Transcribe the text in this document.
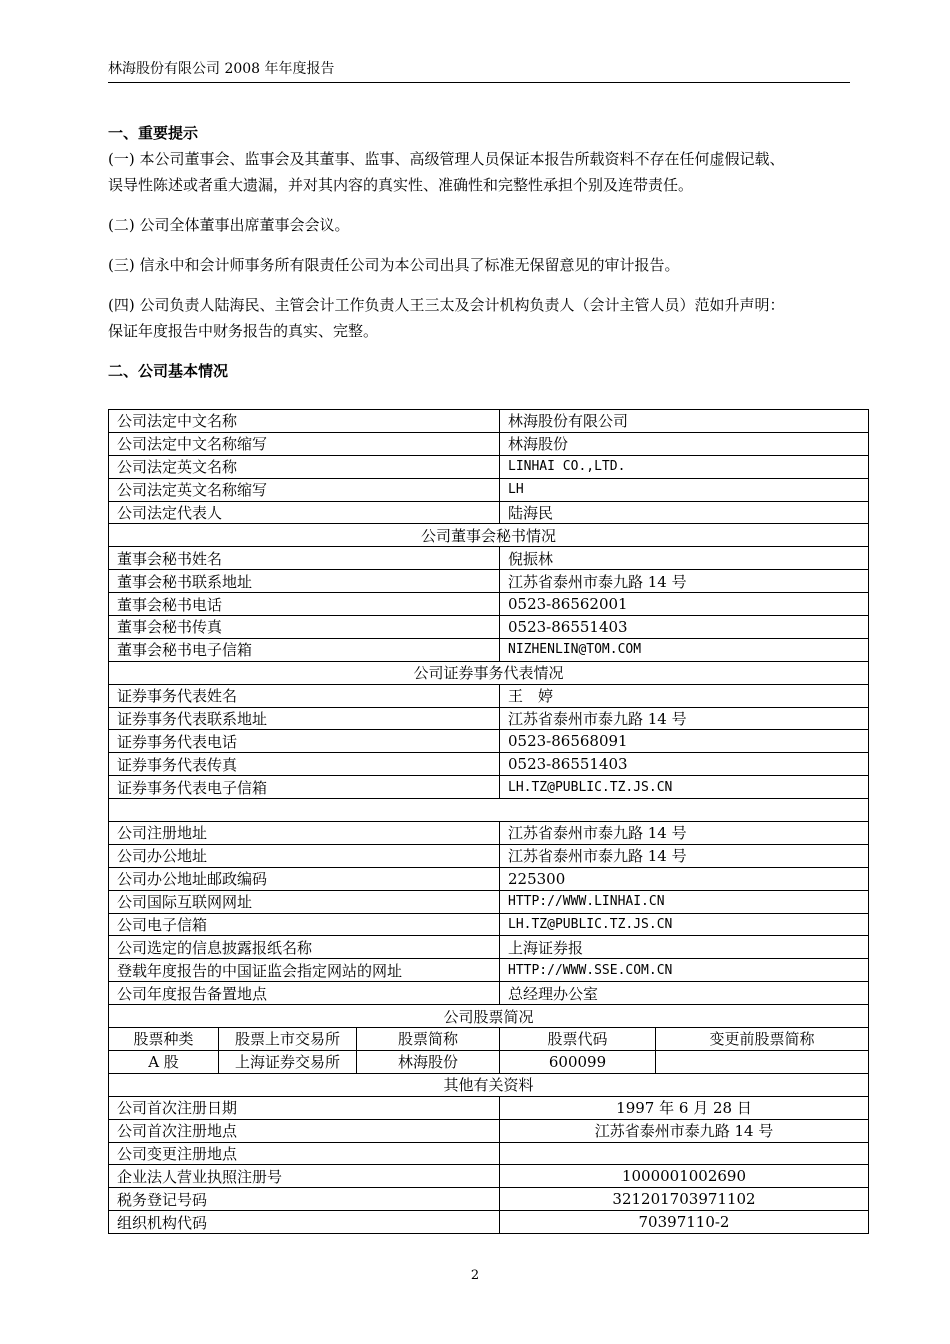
林海股份有限公司 2008 年年度报告

一、重要提示

(一) 本公司董事会、监事会及其董事、监事、高级管理人员保证本报告所载资料不存在任何虚假记载、

误导性陈述或者重大遗漏，并对其内容的真实性、准确性和完整性承担个别及连带责任。

(二) 公司全体董事出席董事会会议。

(三) 信永中和会计师事务所有限责任公司为本公司出具了标准无保留意见的审计报告。

(四) 公司负责人陆海民、主管会计工作负责人王三太及会计机构负责人（会计主管人员）范如升声明：

保证年度报告中财务报告的真实、完整。

二、公司基本情况

公司法定中文名称			林海股份有限公司	
公司法定中文名称缩写			林海股份	
公司法定英文名称			LINHAI CO.,LTD.	
公司法定英文名称缩写			LH	
公司法定代表人			陆海民	
公司董事会秘书情况				
董事会秘书姓名			倪振林	
董事会秘书联系地址			江苏省泰州市泰九路 14 号	
董事会秘书电话			0523-86562001	
董事会秘书传真			0523-86551403	
董事会秘书电子信箱			NIZHENLIN@TOM.COM	
公司证券事务代表情况				
证券事务代表姓名			王　婷	
证券事务代表联系地址			江苏省泰州市泰九路 14 号	
证券事务代表电话			0523-86568091	
证券事务代表传真			0523-86551403	
证券事务代表电子信箱			LH.TZ@PUBLIC.TZ.JS.CN	

公司注册地址			江苏省泰州市泰九路 14 号	
公司办公地址			江苏省泰州市泰九路 14 号	
公司办公地址邮政编码			225300	
公司国际互联网网址			HTTP://WWW.LINHAI.CN	
公司电子信箱			LH.TZ@PUBLIC.TZ.JS.CN	
公司选定的信息披露报纸名称			上海证券报	
登载年度报告的中国证监会指定网站的网址			HTTP://WWW.SSE.COM.CN	
公司年度报告备置地点			总经理办公室	
公司股票简况				
股票种类	股票上市交易所	股票简称	股票代码	变更前股票简称
A 股	上海证券交易所	林海股份	600099	
其他有关资料				
公司首次注册日期			1997 年 6 月 28 日	
公司首次注册地点			江苏省泰州市泰九路 14 号	
公司变更注册地点				
企业法人营业执照注册号			1000001002690	
税务登记号码			321201703971102	
组织机构代码			70397110-2	
2
